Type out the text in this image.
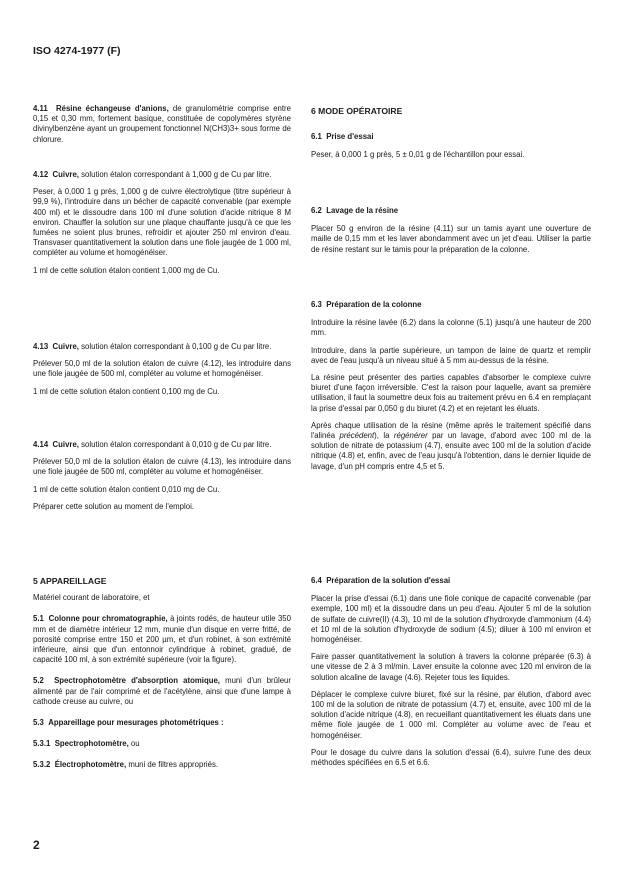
ISO 4274-1977 (F)

4.11 Résine échangeuse d'anions, de granulométrie comprise entre 0,15 et 0,30 mm, fortement basique, constituée de copolymères styrène divinylbenzène ayant un groupement fonctionnel N(CH3)3+ sous forme de chlorure.

4.12 Cuivre, solution étalon correspondant à 1,000 g de Cu par litre.

Peser, à 0,000 1 g près, 1,000 g de cuivre électrolytique (titre supérieur à 99,9 %), l'introduire dans un bécher de capacité convenable (par exemple 400 ml) et le dissoudre dans 100 ml d'une solution d'acide nitrique 8 M environ. Chauffer la solution sur une plaque chauffante jusqu'à ce que les fumées ne soient plus brunes, refroidir et ajouter 250 ml environ d'eau. Transvaser quantitativement la solution dans une fiole jaugée de 1 000 ml, compléter au volume et homogénéiser.

1 ml de cette solution étalon contient 1,000 mg de Cu.

4.13 Cuivre, solution étalon correspondant à 0,100 g de Cu par litre.

Prélever 50,0 ml de la solution étalon de cuivre (4.12), les introduire dans une fiole jaugée de 500 ml, compléter au volume et homogénéiser.

1 ml de cette solution étalon contient 0,100 mg de Cu.

4.14 Cuivre, solution étalon correspondant à 0,010 g de Cu par litre.

Prélever 50,0 ml de la solution étalon de cuivre (4.13), les introduire dans une fiole jaugée de 500 ml, compléter au volume et homogénéiser.

1 ml de cette solution étalon contient 0,010 mg de Cu.

Préparer cette solution au moment de l'emploi.

5 APPAREILLAGE

Matériel courant de laboratoire, et

5.1 Colonne pour chromatographie, à joints rodés, de hauteur utile 350 mm et de diamètre intérieur 12 mm, munie d'un disque en verre fritté, de porosité comprise entre 150 et 200 µm, et d'un robinet, à son extrémité inférieure, ainsi que d'un entonnoir cylindrique à robinet, gradué, de capacité 100 ml, à son extrémité supérieure (voir la figure).

5.2 Spectrophotomètre d'absorption atomique, muni d'un brûleur alimenté par de l'air comprimé et de l'acétylène, ainsi que d'une lampe à cathode creuse au cuivre, ou

5.3 Appareillage pour mesurages photométriques :

5.3.1 Spectrophotomètre, ou

5.3.2 Électrophotomètre, muni de filtres appropriés.

6 MODE OPÉRATOIRE

6.1 Prise d'essai

Peser, à 0,000 1 g près, 5 ± 0,01 g de l'échantillon pour essai.

6.2 Lavage de la résine

Placer 50 g environ de la résine (4.11) sur un tamis ayant une ouverture de maille de 0,15 mm et les laver abondamment avec un jet d'eau. Utiliser la partie de résine restant sur le tamis pour la préparation de la colonne.

6.3 Préparation de la colonne

Introduire la résine lavée (6.2) dans la colonne (5.1) jusqu'à une hauteur de 200 mm.

Introduire, dans la partie supérieure, un tampon de laine de quartz et remplir avec de l'eau jusqu'à un niveau situé à 5 mm au-dessus de la résine.

La résine peut présenter des parties capables d'absorber le complexe cuivre biuret d'une façon irréversible. C'est la raison pour laquelle, avant sa première utilisation, il faut la soumettre deux fois au traitement prévu en 6.4 en remplaçant la prise d'essai par 0,050 g du biuret (4.2) et en rejetant les éluats.

Après chaque utilisation de la résine (même après le traitement spécifié dans l'alinéa précédent), la régénérer par un lavage, d'abord avec 100 ml de la solution de nitrate de potassium (4.7), ensuite avec 100 ml de la solution d'acide nitrique (4.8) et, enfin, avec de l'eau jusqu'à l'obtention, dans le dernier liquide de lavage, d'un pH compris entre 4,5 et 5.

6.4 Préparation de la solution d'essai

Placer la prise d'essai (6.1) dans une fiole conique de capacité convenable (par exemple, 100 ml) et la dissoudre dans un peu d'eau. Ajouter 5 ml de la solution de sulfate de cuivre(II) (4.3), 10 ml de la solution d'hydroxyde d'ammonium (4.4) et 10 ml de la solution d'hydroxyde de sodium (4.5); diluer à 100 ml environ et homogénéiser.

Faire passer quantitativement la solution à travers la colonne préparée (6.3) à une vitesse de 2 à 3 ml/min. Laver ensuite la colonne avec 120 ml environ de la solution alcaline de lavage (4.6). Rejeter tous les liquides.

Déplacer le complexe cuivre biuret, fixé sur la résine, par élution, d'abord avec 100 ml de la solution de nitrate de potassium (4.7) et, ensuite, avec 100 ml de la solution d'acide nitrique (4.8), en recueillant quantitativement les éluats dans une même fiole jaugée de 1 000 ml. Compléter au volume avec de l'eau et homogénéiser.

Pour le dosage du cuivre dans la solution d'essai (6.4), suivre l'une des deux méthodes spécifiées en 6.5 et 6.6.

2
